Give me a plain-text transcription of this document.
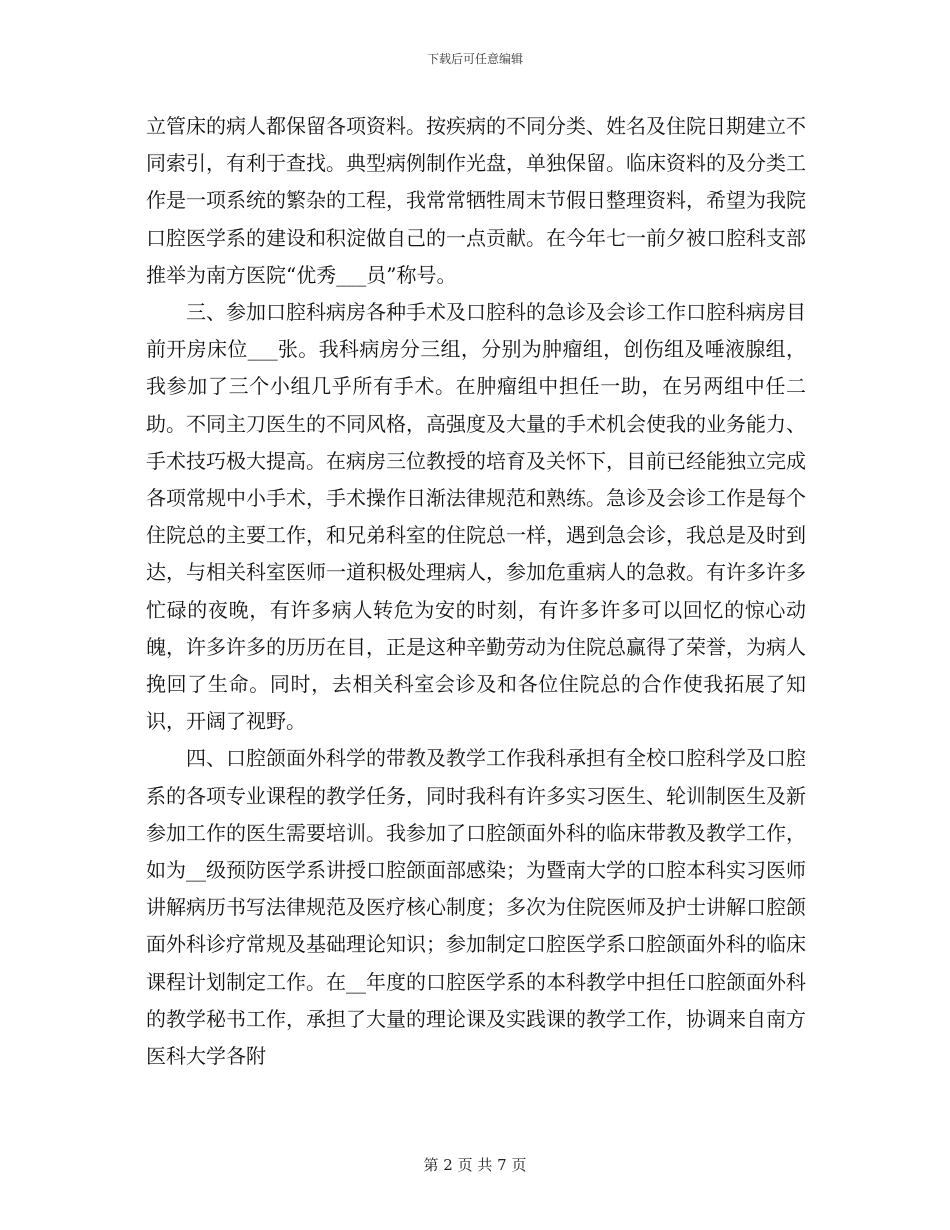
下载后可任意编辑

立管床的病人都保留各项资料。按疾病的不同分类、姓名及住院日期建立不同索引，有利于查找。典型病例制作光盘，单独保留。临床资料的及分类工作是一项系统的繁杂的工程，我常常牺牲周末节假日整理资料，希望为我院口腔医学系的建设和积淀做自己的一点贡献。在今年七一前夕被口腔科支部推举为南方医院“优秀___员”称号。

三、参加口腔科病房各种手术及口腔科的急诊及会诊工作口腔科病房目前开房床位___张。我科病房分三组，分别为肿瘤组，创伤组及唾液腺组，我参加了三个小组几乎所有手术。在肿瘤组中担任一助，在另两组中任二助。不同主刀医生的不同风格，高强度及大量的手术机会使我的业务能力、手术技巧极大提高。在病房三位教授的培育及关怀下，目前已经能独立完成各项常规中小手术，手术操作日渐法律规范和熟练。急诊及会诊工作是每个住院总的主要工作，和兄弟科室的住院总一样，遇到急会诊，我总是及时到达，与相关科室医师一道积极处理病人，参加危重病人的急救。有许多许多忙碌的夜晚，有许多病人转危为安的时刻，有许多许多可以回忆的惊心动魄，许多许多的历历在目，正是这种辛勤劳动为住院总赢得了荣誉，为病人挽回了生命。同时，去相关科室会诊及和各位住院总的合作使我拓展了知识，开阔了视野。

四、口腔颌面外科学的带教及教学工作我科承担有全校口腔科学及口腔系的各项专业课程的教学任务，同时我科有许多实习医生、轮训制医生及新参加工作的医生需要培训。我参加了口腔颌面外科的临床带教及教学工作，如为__级预防医学系讲授口腔颌面部感染；为暨南大学的口腔本科实习医师讲解病历书写法律规范及医疗核心制度；多次为住院医师及护士讲解口腔颌面外科诊疗常规及基础理论知识；参加制定口腔医学系口腔颌面外科的临床课程计划制定工作。在__年度的口腔医学系的本科教学中担任口腔颌面外科的教学秘书工作，承担了大量的理论课及实践课的教学工作，协调来自南方医科大学各附

第 2 页 共 7 页
